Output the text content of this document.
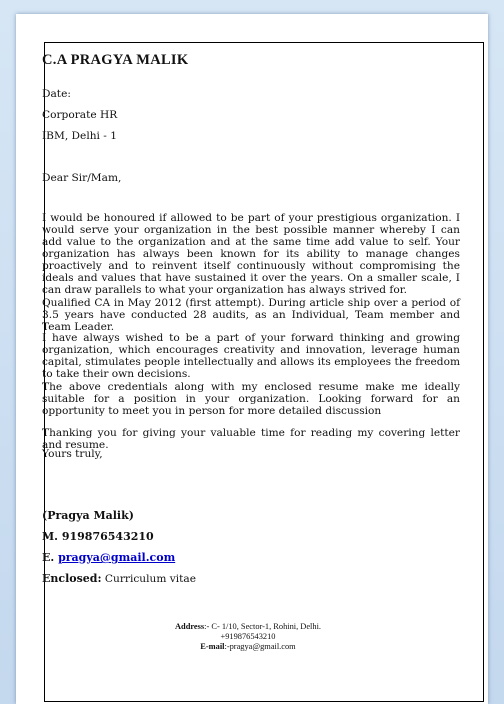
C.A PRAGYA MALIK
Date:
Corporate HR
IBM, Delhi - 1
Dear Sir/Mam,
I would be honoured if allowed to be part of your prestigious organization. I would serve your organization in the best possible manner whereby I can add value to the organization and at the same time add value to self. Your organization has always been known for its ability to manage changes proactively and to reinvent itself continuously without compromising the ideals and values that have sustained it over the years. On a smaller scale, I can draw parallels to what your organization has always strived for.
Qualified CA in May 2012 (first attempt). During article ship over a period of 3.5 years have conducted 28 audits, as an Individual, Team member and Team Leader.
I have always wished to be a part of your forward thinking and growing organization, which encourages creativity and innovation, leverage human capital, stimulates people intellectually and allows its employees the freedom to take their own decisions.
The above credentials along with my enclosed resume make me ideally suitable for a position in your organization. Looking forward for an opportunity to meet you in person for more detailed discussion
Thanking you for giving your valuable time for reading my covering letter and resume.
Yours truly,
(Pragya Malik)
M. 919876543210
E. pragya@gmail.com
Enclosed: Curriculum vitae
Address:- C- 1/10, Sector-1, Rohini, Delhi.
+919876543210
E-mail:-pragya@gmail.com
